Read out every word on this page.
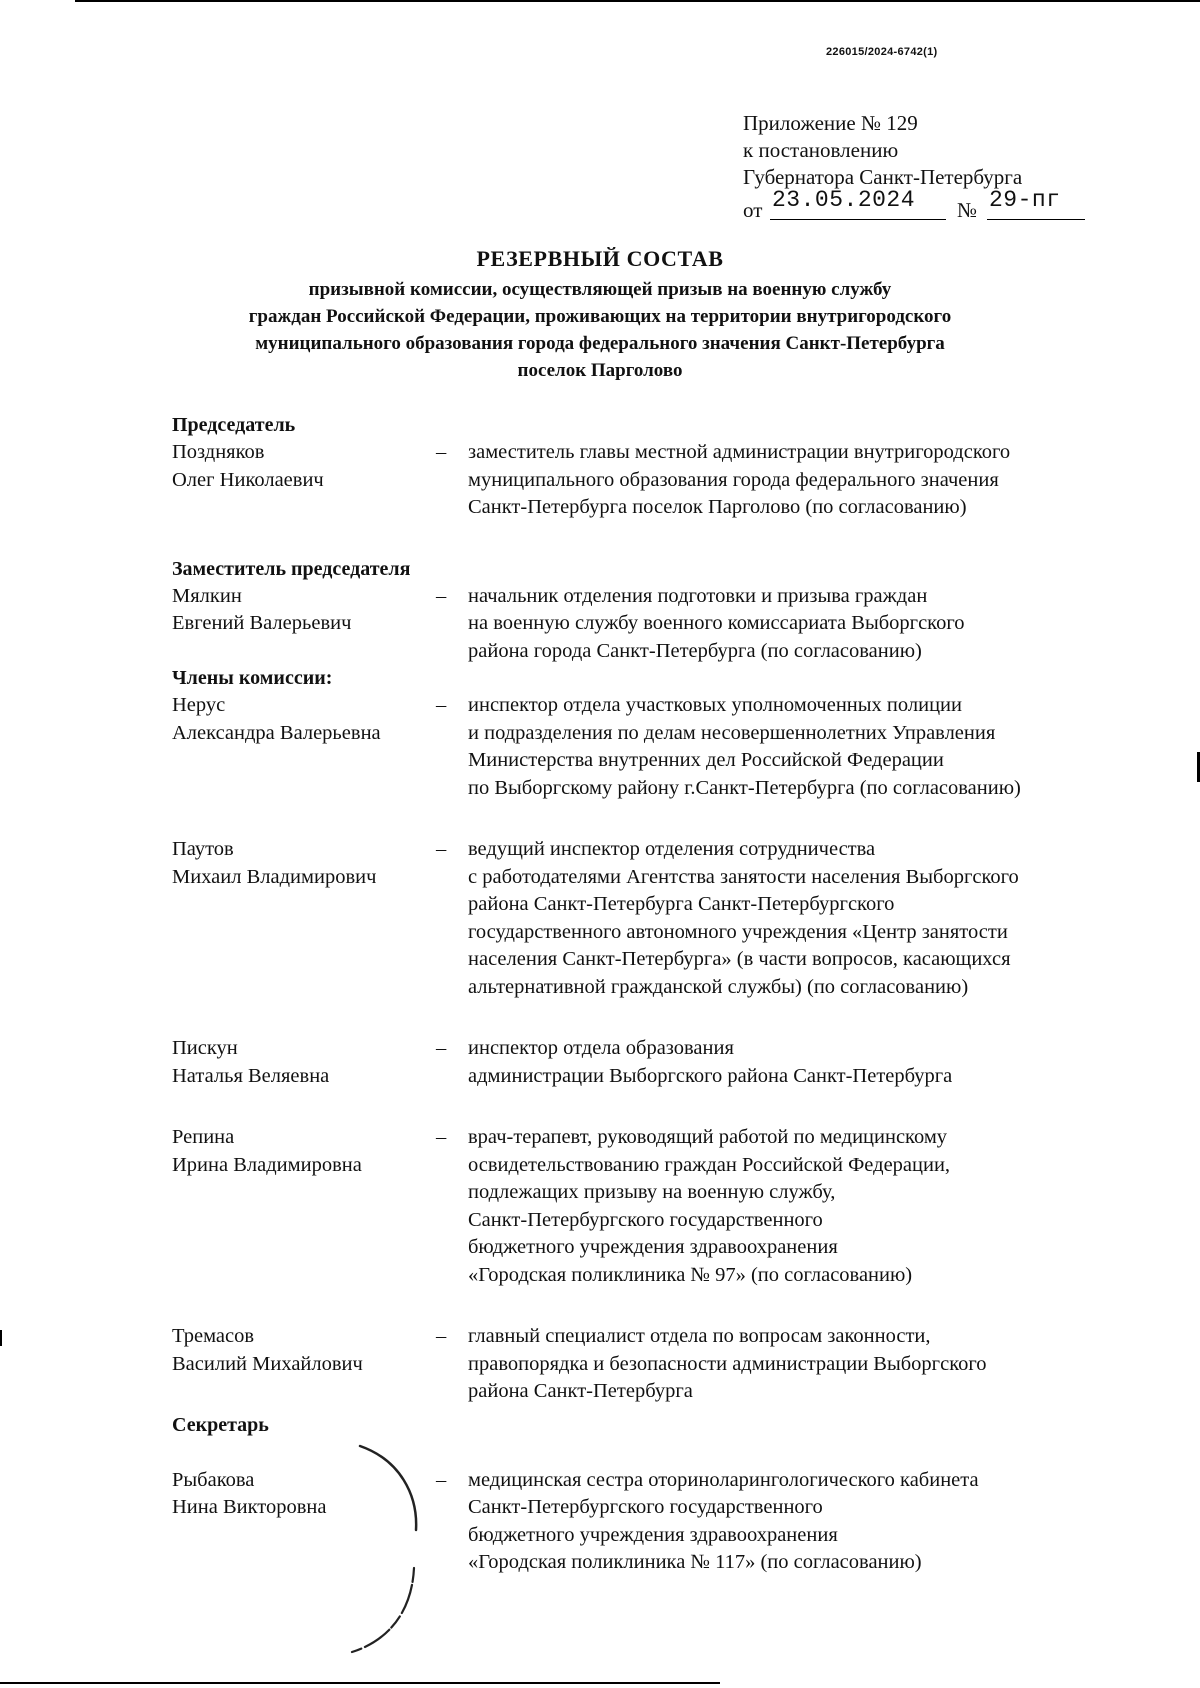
226015/2024-6742(1)
Приложение № 129
к постановлению
Губернатора Санкт-Петербурга
от 23.05.2024 № 29-пг
РЕЗЕРВНЫЙ СОСТАВ
призывной комиссии, осуществляющей призыв на военную службу
граждан Российской Федерации, проживающих на территории внутригородского
муниципального образования города федерального значения Санкт-Петербурга
поселок Парголово
Председатель
Поздняков
Олег Николаевич
– заместитель главы местной администрации внутригородского
муниципального образования города федерального значения
Санкт-Петербурга поселок Парголово (по согласованию)
Заместитель председателя
Мялкин
Евгений Валерьевич
– начальник отделения подготовки и призыва граждан
на военную службу военного комиссариата Выборгского
района города Санкт-Петербурга (по согласованию)
Члены комиссии:
Нерус
Александра Валерьевна
– инспектор отдела участковых уполномоченных полиции
и подразделения по делам несовершеннолетних Управления
Министерства внутренних дел Российской Федерации
по Выборгскому району г.Санкт-Петербурга (по согласованию)
Паутов
Михаил Владимирович
– ведущий инспектор отделения сотрудничества
с работодателями Агентства занятости населения Выборгского
района Санкт-Петербурга Санкт-Петербургского
государственного автономного учреждения «Центр занятости
населения Санкт-Петербурга» (в части вопросов, касающихся
альтернативной гражданской службы) (по согласованию)
Пискун
Наталья Веляевна
– инспектор отдела образования
администрации Выборгского района Санкт-Петербурга
Репина
Ирина Владимировна
– врач-терапевт, руководящий работой по медицинскому
освидетельствованию граждан Российской Федерации,
подлежащих призыву на военную службу,
Санкт-Петербургского государственного
бюджетного учреждения здравоохранения
«Городская поликлиника № 97» (по согласованию)
Тремасов
Василий Михайлович
– главный специалист отдела по вопросам законности,
правопорядка и безопасности администрации Выборгского
района Санкт-Петербурга
Секретарь
Рыбакова
Нина Викторовна
– медицинская сестра оториноларингологического кабинета
Санкт-Петербургского государственного
бюджетного учреждения здравоохранения
«Городская поликлиника № 117» (по согласованию)
